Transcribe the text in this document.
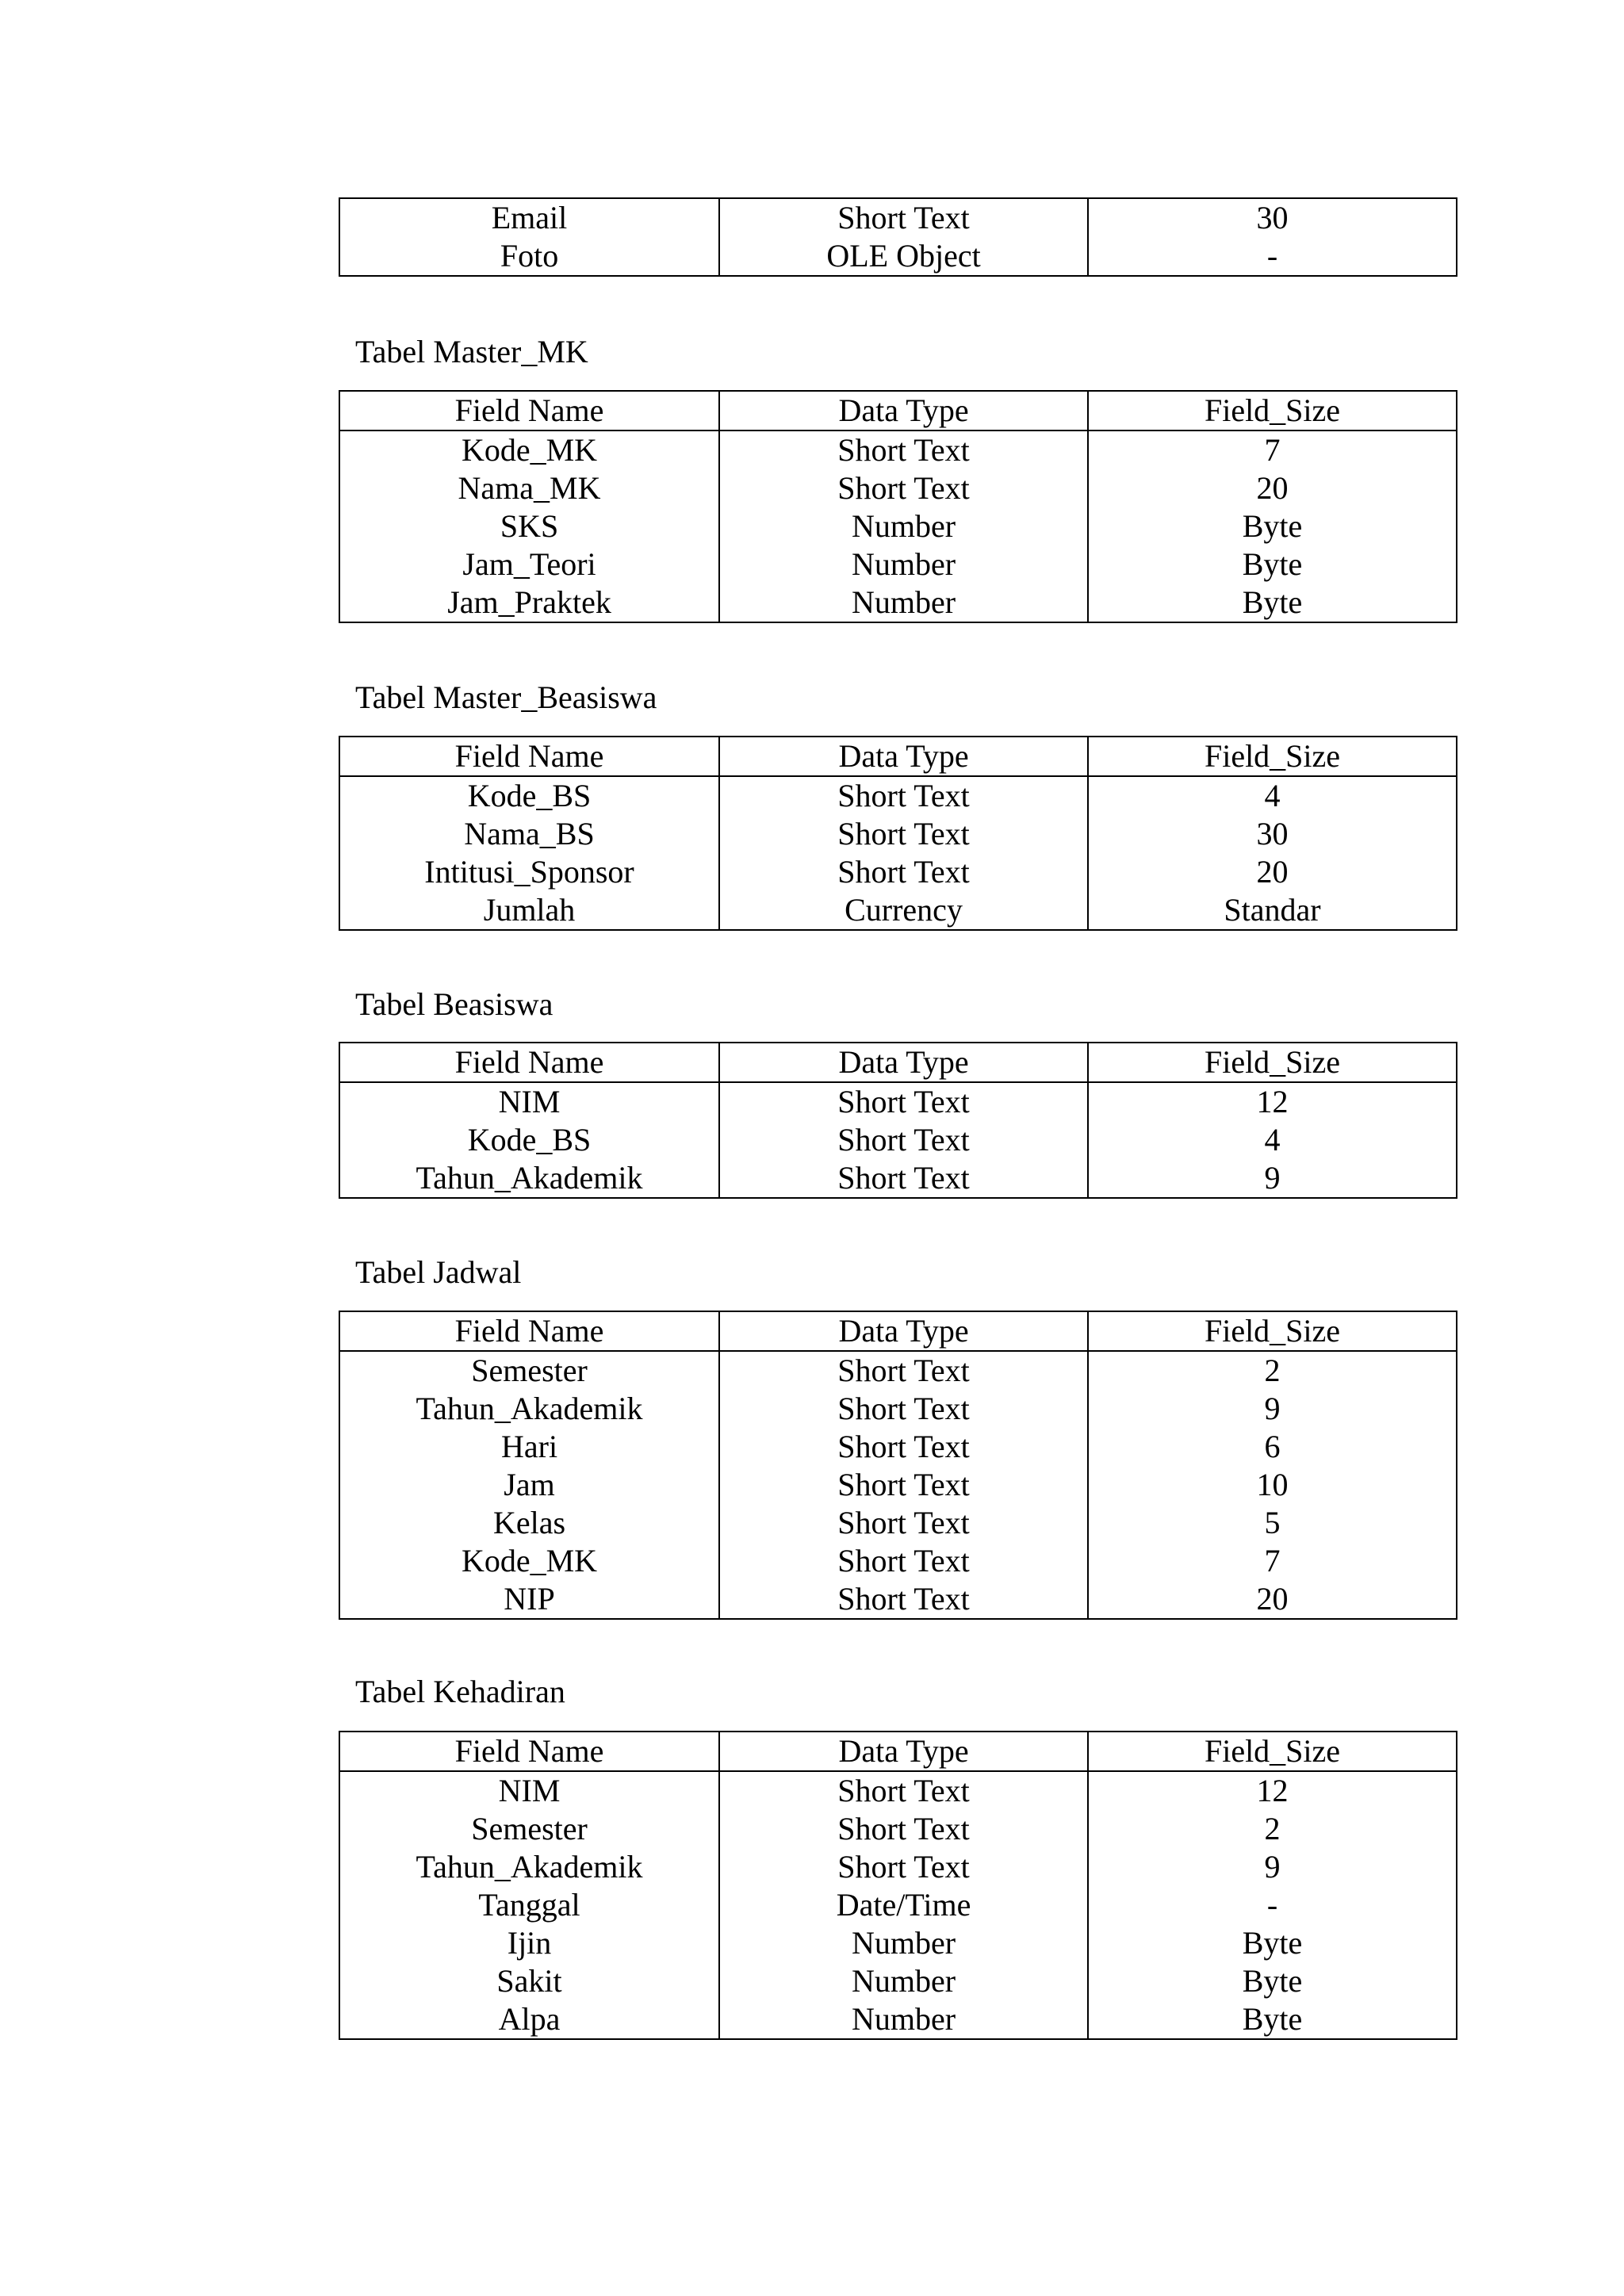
Email	Short Text	30
Foto	OLE Object	-
Tabel Master_MK
Field Name	Data Type	Field_Size
Kode_MK	Short Text	7
Nama_MK	Short Text	20
SKS	Number	Byte
Jam_Teori	Number	Byte
Jam_Praktek	Number	Byte
Tabel Master_Beasiswa
Field Name	Data Type	Field_Size
Kode_BS	Short Text	4
Nama_BS	Short Text	30
Intitusi_Sponsor	Short Text	20
Jumlah	Currency	Standar
Tabel Beasiswa
Field Name	Data Type	Field_Size
NIM	Short Text	12
Kode_BS	Short Text	4
Tahun_Akademik	Short Text	9
Tabel Jadwal
Field Name	Data Type	Field_Size
Semester	Short Text	2
Tahun_Akademik	Short Text	9
Hari	Short Text	6
Jam	Short Text	10
Kelas	Short Text	5
Kode_MK	Short Text	7
NIP	Short Text	20
Tabel Kehadiran
Field Name	Data Type	Field_Size
NIM	Short Text	12
Semester	Short Text	2
Tahun_Akademik	Short Text	9
Tanggal	Date/Time	-
Ijin	Number	Byte
Sakit	Number	Byte
Alpa	Number	Byte
